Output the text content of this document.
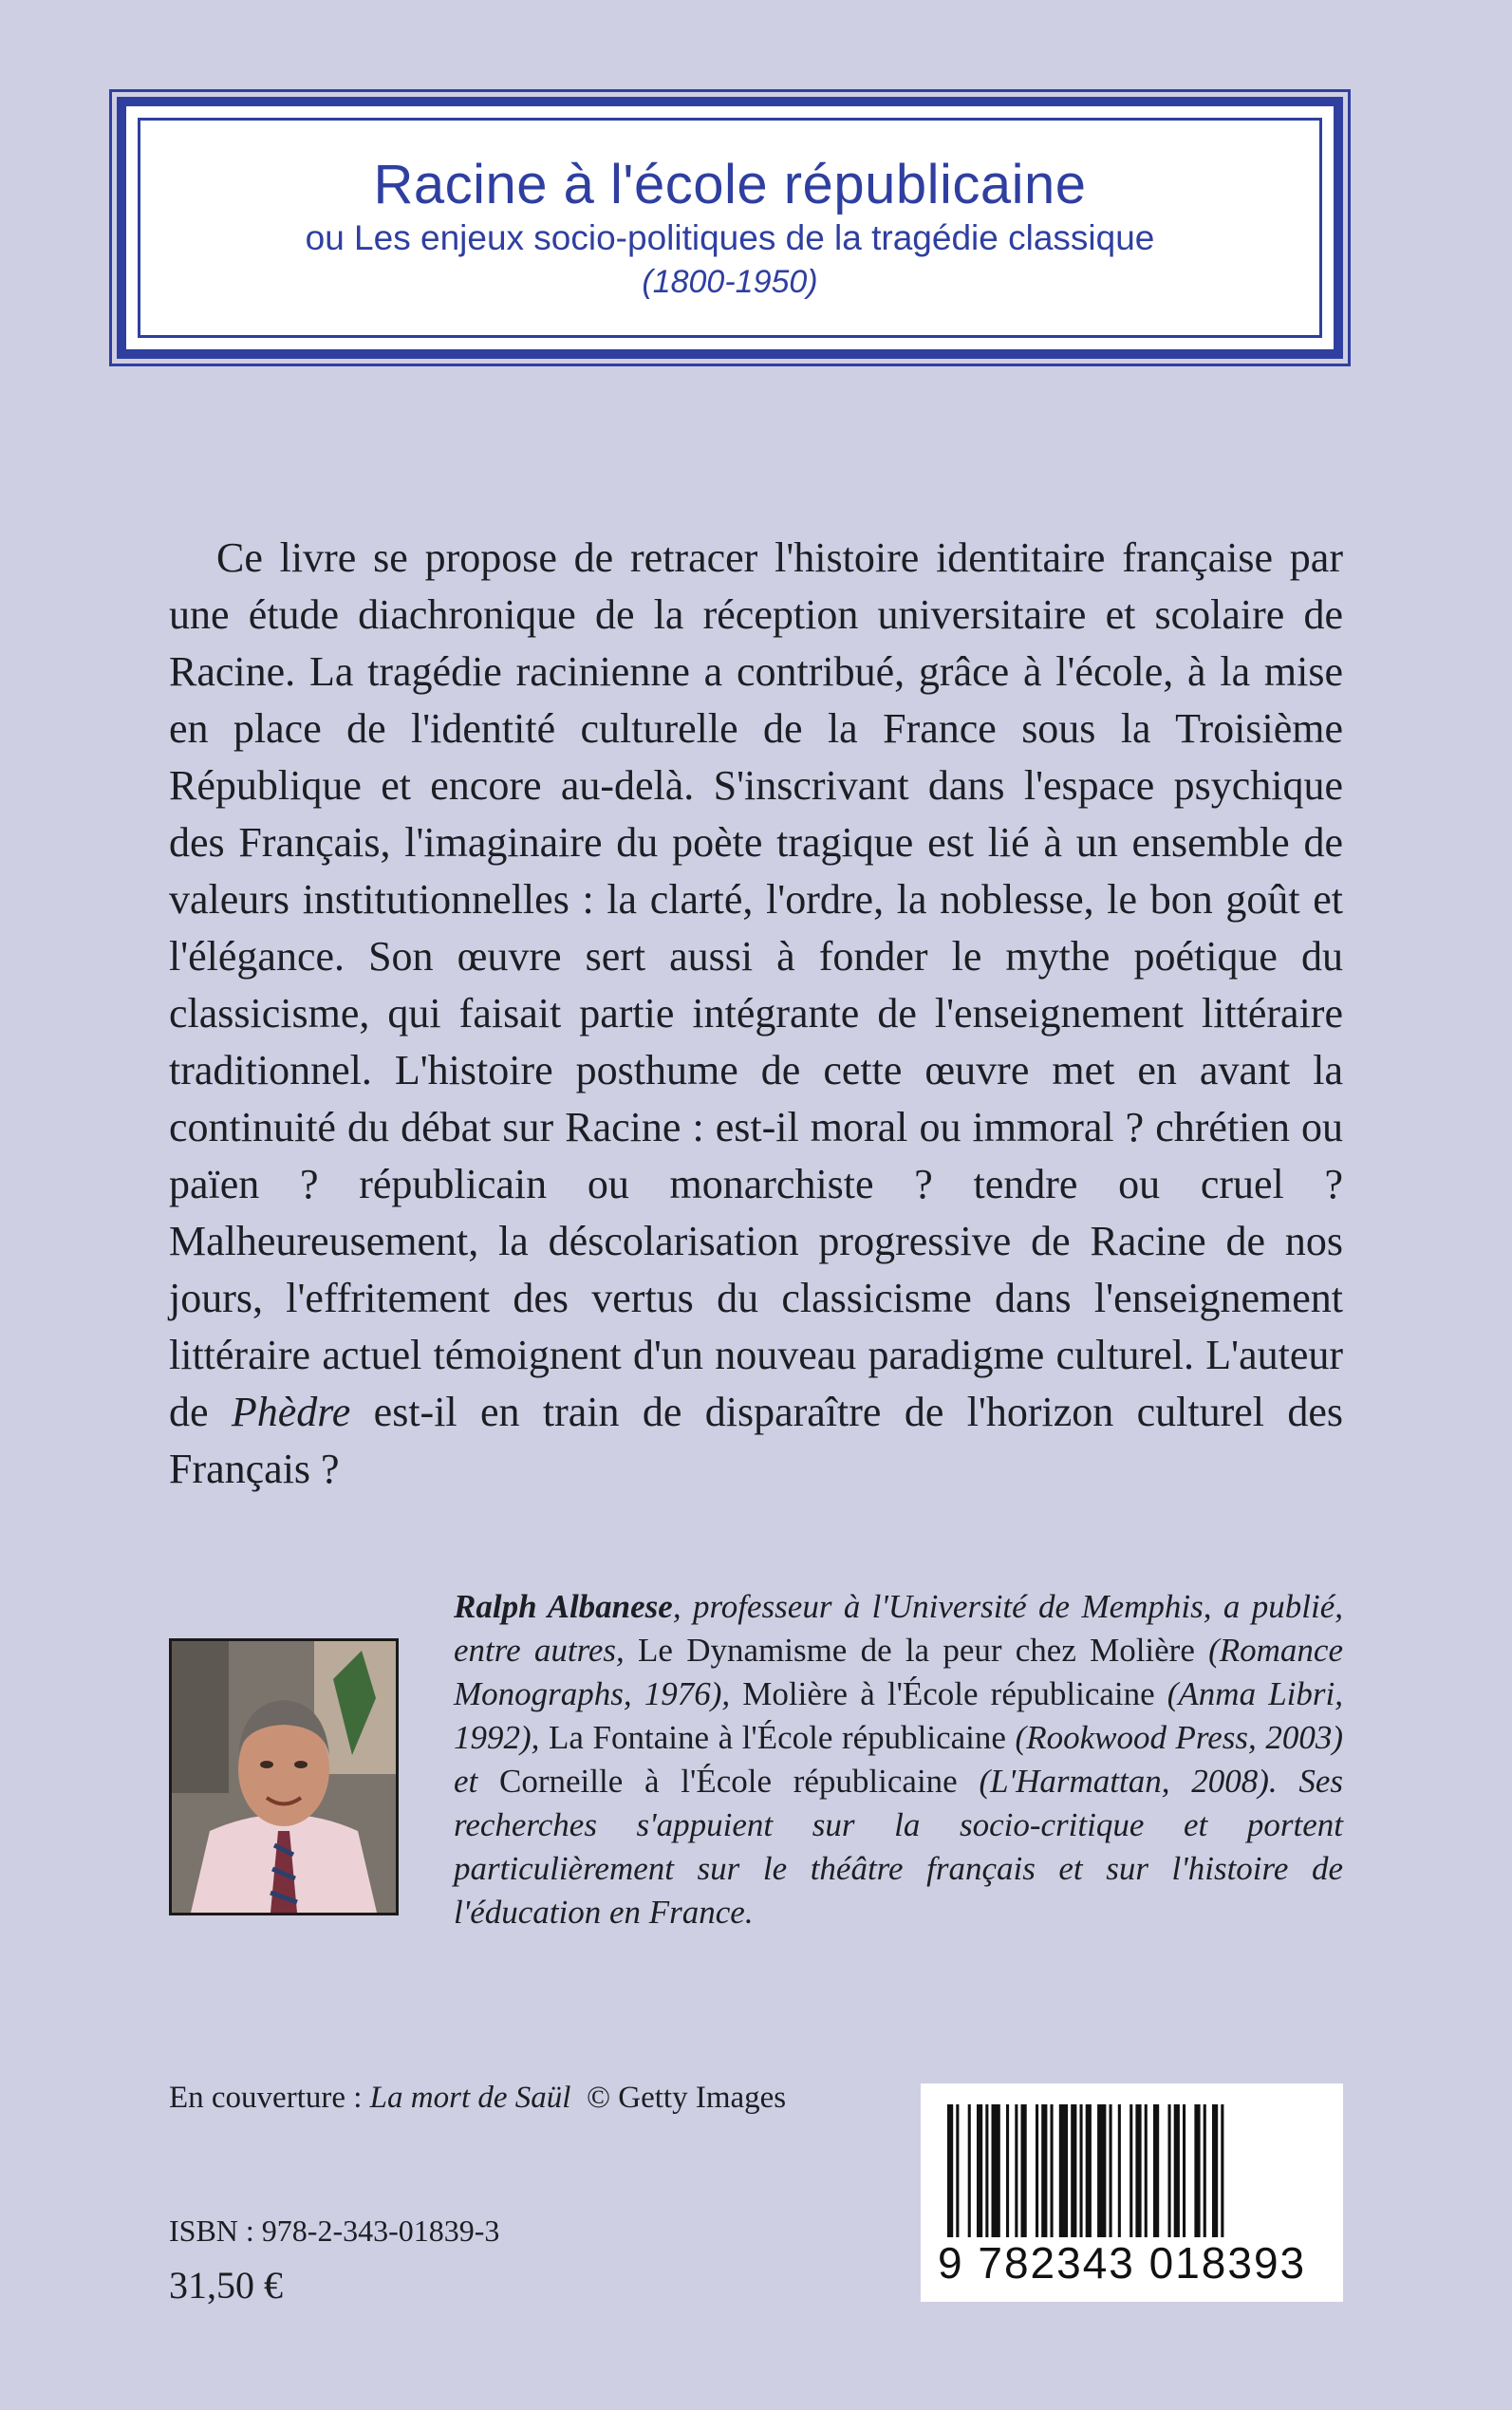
Racine à l'école républicaine
ou Les enjeux socio-politiques de la tragédie classique
(1800-1950)

Ce livre se propose de retracer l'histoire identitaire française par une étude diachronique de la réception universitaire et scolaire de Racine. La tragédie racinienne a contribué, grâce à l'école, à la mise en place de l'identité culturelle de la France sous la Troisième République et encore au-delà. S'inscrivant dans l'espace psychique des Français, l'imaginaire du poète tragique est lié à un ensemble de valeurs institutionnelles : la clarté, l'ordre, la noblesse, le bon goût et l'élégance. Son œuvre sert aussi à fonder le mythe poétique du classicisme, qui faisait partie intégrante de l'enseignement littéraire traditionnel. L'histoire posthume de cette œuvre met en avant la continuité du débat sur Racine : est-il moral ou immoral ? chrétien ou païen ? républicain ou monarchiste ? tendre ou cruel ? Malheureusement, la déscolarisation progressive de Racine de nos jours, l'effritement des vertus du classicisme dans l'enseignement littéraire actuel témoignent d'un nouveau paradigme culturel. L'auteur de Phèdre est-il en train de disparaître de l'horizon culturel des Français ?

Ralph Albanese, professeur à l'Université de Memphis, a publié, entre autres, Le Dynamisme de la peur chez Molière (Romance Monographs, 1976), Molière à l'École républicaine (Anma Libri, 1992), La Fontaine à l'École républicaine (Rookwood Press, 2003) et Corneille à l'École républicaine (L'Harmattan, 2008). Ses recherches s'appuient sur la socio-critique et portent particulièrement sur le théâtre français et sur l'histoire de l'éducation en France.

En couverture : La mort de Saül  © Getty Images
ISBN : 978-2-343-01839-3
31,50 €	9 782343 018393
